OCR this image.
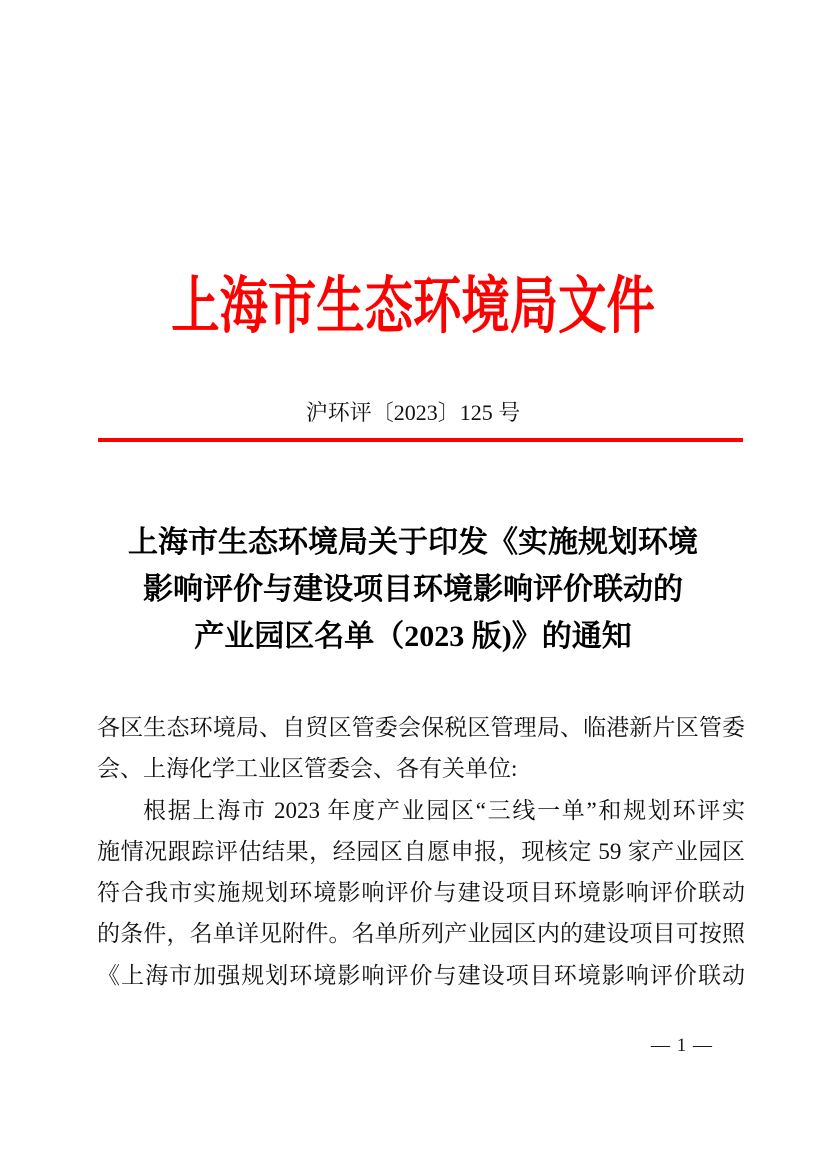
上海市生态环境局文件
沪环评〔2023〕125 号
上海市生态环境局关于印发《实施规划环境
影响评价与建设项目环境影响评价联动的
产业园区名单（2023 版)》的通知
各区生态环境局、自贸区管委会保税区管理局、临港新片区管委
会、上海化学工业区管委会、各有关单位:
根据上海市 2023 年度产业园区“三线一单”和规划环评实
施情况跟踪评估结果，经园区自愿申报，现核定 59 家产业园区
符合我市实施规划环境影响评价与建设项目环境影响评价联动
的条件，名单详见附件。名单所列产业园区内的建设项目可按照
《上海市加强规划环境影响评价与建设项目环境影响评价联动
— 1 —
